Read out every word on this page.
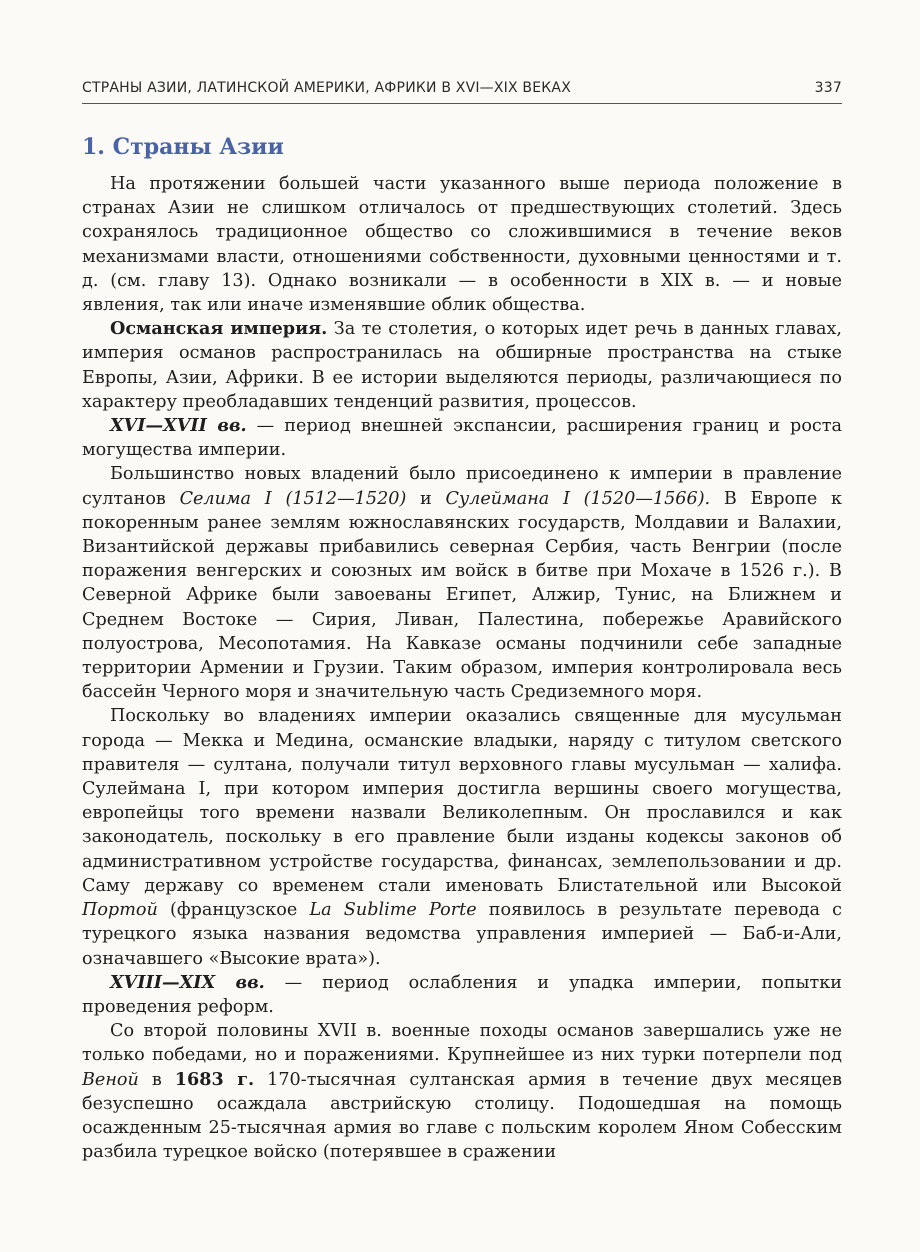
СТРАНЫ АЗИИ, ЛАТИНСКОЙ АМЕРИКИ, АФРИКИ В XVI—XIX ВЕКАХ	337
1. Страны Азии

На протяжении большей части указанного выше периода положение в странах Азии не слишком отличалось от предшествующих столетий. Здесь сохранялось традиционное общество со сложившимися в течение веков механизмами власти, отношениями собственности, духовными ценностями и т. д. (см. главу 13). Однако возникали — в особенности в XIX в. — и новые явления, так или иначе изменявшие облик общества.

Османская империя. За те столетия, о которых идет речь в данных главах, империя османов распространилась на обширные пространства на стыке Европы, Азии, Африки. В ее истории выделяются периоды, различающиеся по характеру преобладавших тенденций развития, процессов.

XVI—XVII вв. — период внешней экспансии, расширения границ и роста могущества империи.

Большинство новых владений было присоединено к империи в правление султанов Селима I (1512—1520) и Сулеймана I (1520—1566). В Европе к покоренным ранее землям южнославянских государств, Молдавии и Валахии, Византийской державы прибавились северная Сербия, часть Венгрии (после поражения венгерских и союзных им войск в битве при Мохаче в 1526 г.). В Северной Африке были завоеваны Египет, Алжир, Тунис, на Ближнем и Среднем Востоке — Сирия, Ливан, Палестина, побережье Аравийского полуострова, Месопотамия. На Кавказе османы подчинили себе западные территории Армении и Грузии. Таким образом, империя контролировала весь бассейн Черного моря и значительную часть Средиземного моря.

Поскольку во владениях империи оказались священные для мусульман города — Мекка и Медина, османские владыки, наряду с титулом светского правителя — султана, получали титул верховного главы мусульман — халифа. Сулеймана I, при котором империя достигла вершины своего могущества, европейцы того времени назвали Великолепным. Он прославился и как законодатель, поскольку в его правление были изданы кодексы законов об административном устройстве государства, финансах, землепользовании и др. Саму державу со временем стали именовать Блистательной или Высокой Портой (французское La Sublime Porte появилось в результате перевода с турецкого языка названия ведомства управления империей — Баб-и-Али, означавшего «Высокие врата»).

XVIII—XIX вв. — период ослабления и упадка империи, попытки проведения реформ.

Со второй половины XVII в. военные походы османов завершались уже не только победами, но и поражениями. Крупнейшее из них турки потерпели под Веной в 1683 г. 170-тысячная султанская армия в течение двух месяцев безуспешно осаждала австрийскую столицу. Подошедшая на помощь осажденным 25-тысячная армия во главе с польским королем Яном Собесским разбила турецкое войско (потерявшее в сражении
